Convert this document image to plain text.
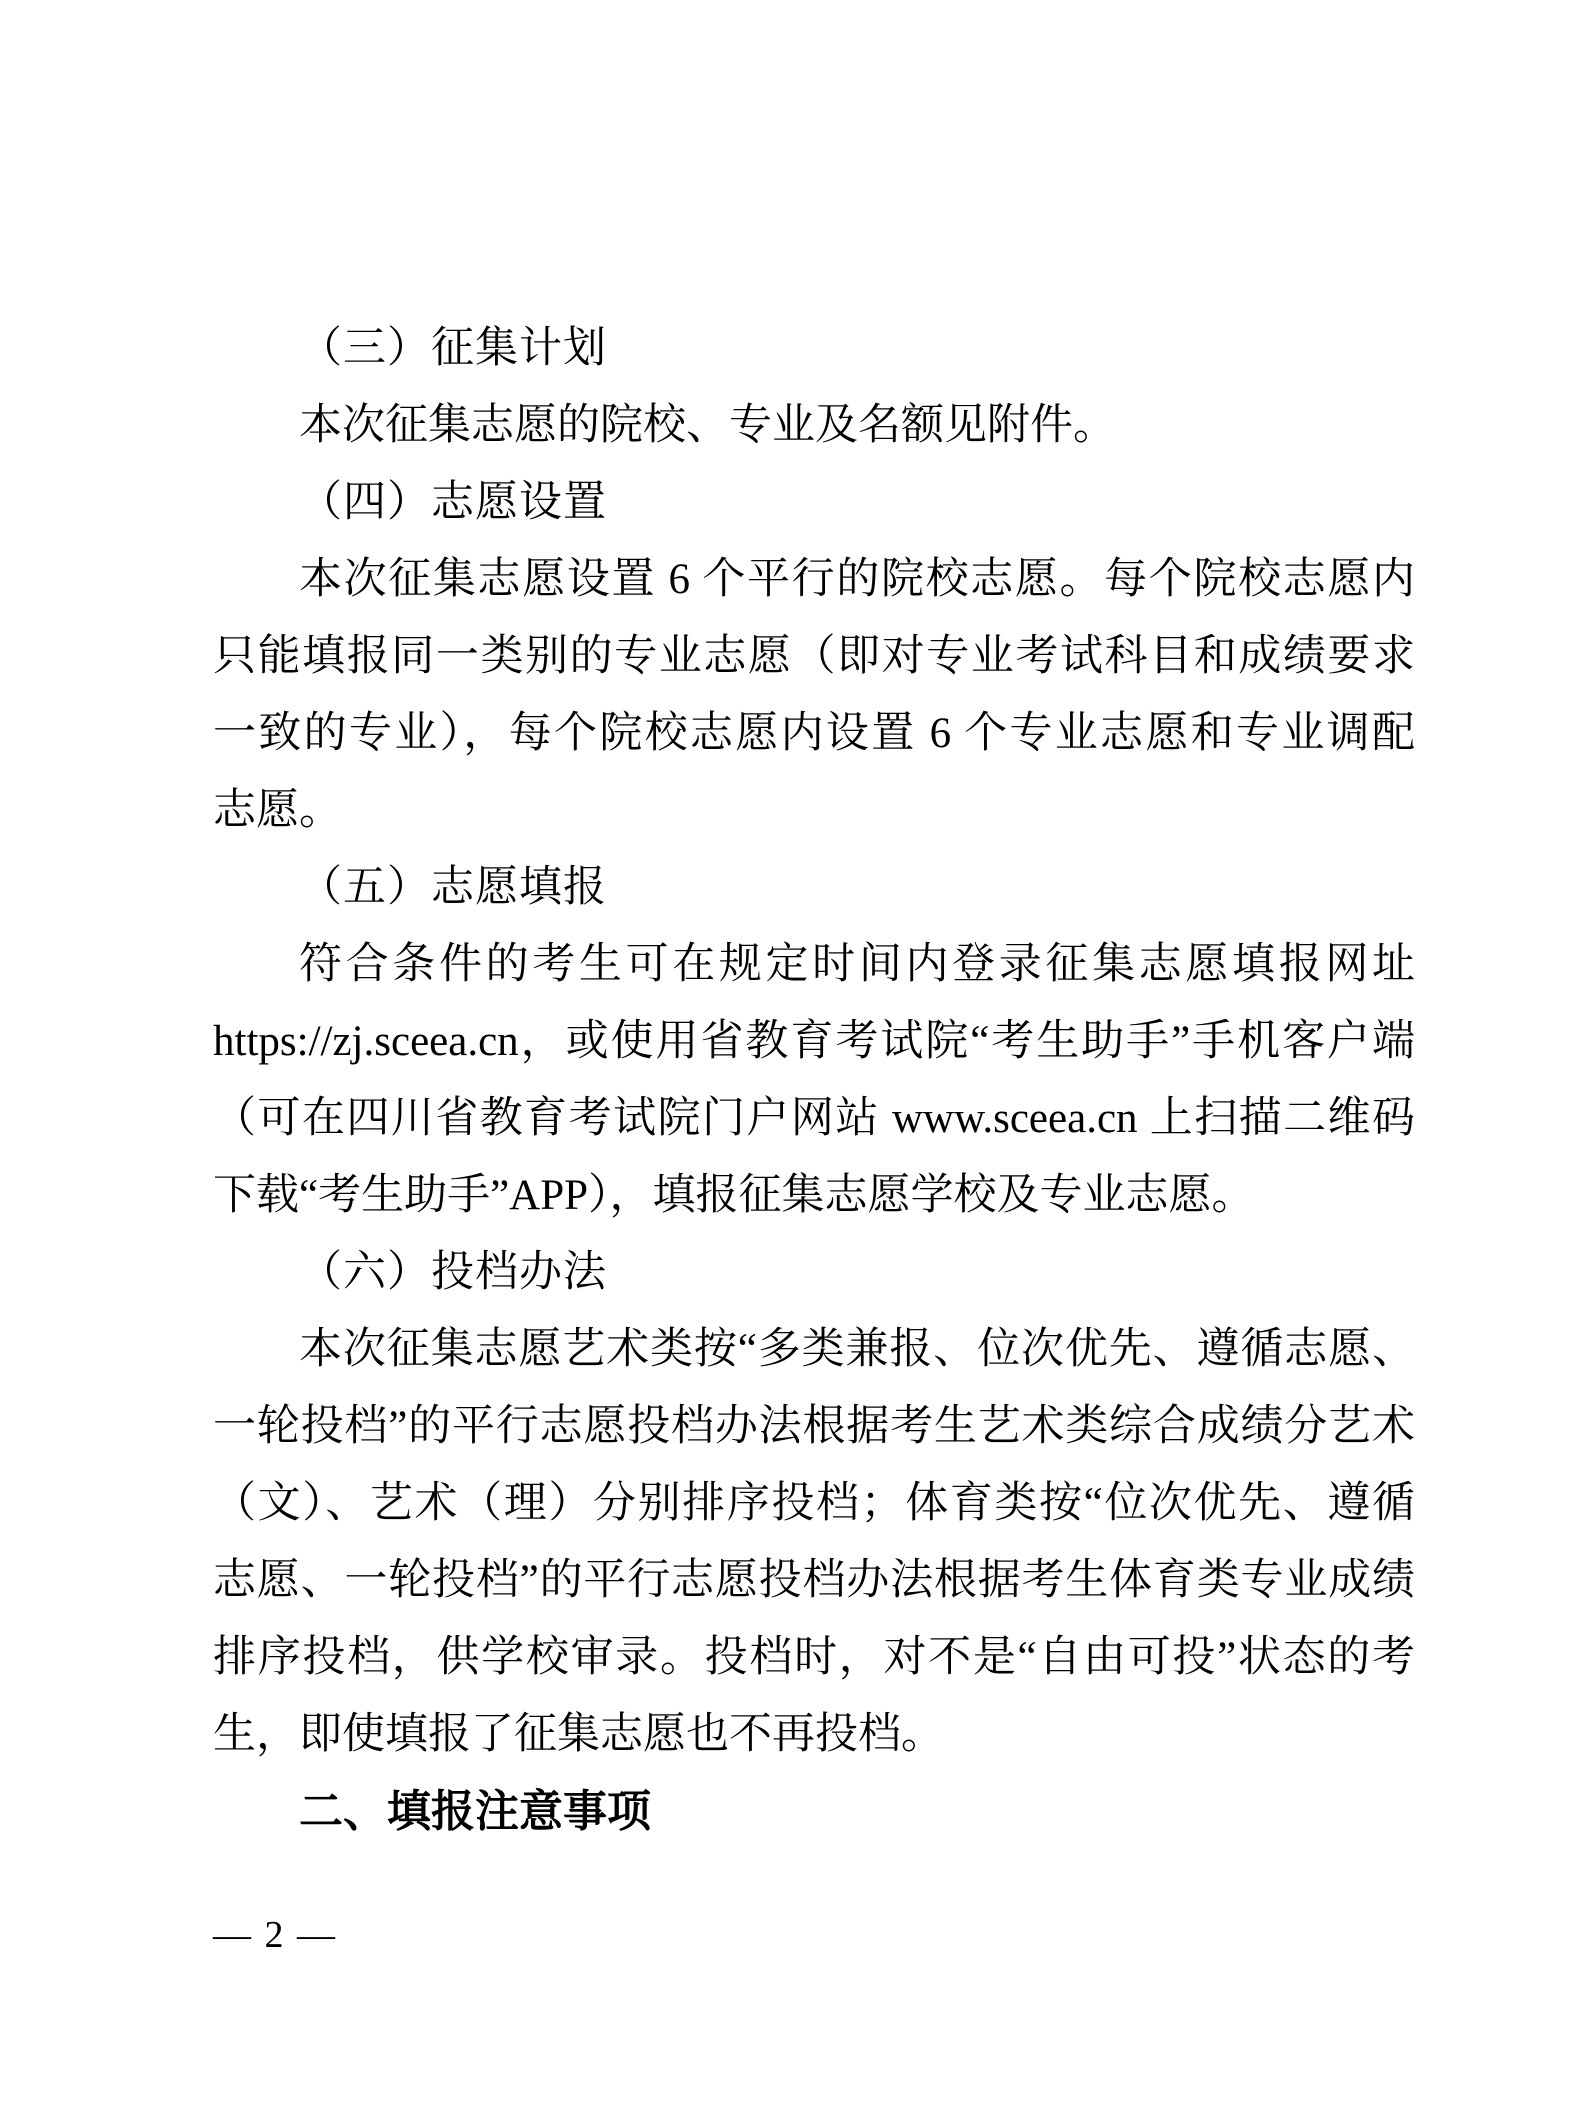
（三）征集计划
本次征集志愿的院校、专业及名额见附件。
（四）志愿设置
本次征集志愿设置 6 个平行的院校志愿。每个院校志愿内
只能填报同一类别的专业志愿（即对专业考试科目和成绩要求
一致的专业），每个院校志愿内设置 6 个专业志愿和专业调配
志愿。
（五）志愿填报
符合条件的考生可在规定时间内登录征集志愿填报网址
https://zj.sceea.cn，或使用省教育考试院“考生助手”手机客户端
（可在四川省教育考试院门户网站 www.sceea.cn 上扫描二维码
下载“考生助手”APP），填报征集志愿学校及专业志愿。
（六）投档办法
本次征集志愿艺术类按“多类兼报、位次优先、遵循志愿、
一轮投档”的平行志愿投档办法根据考生艺术类综合成绩分艺术
（文）、艺术（理）分别排序投档；体育类按“位次优先、遵循
志愿、一轮投档”的平行志愿投档办法根据考生体育类专业成绩
排序投档，供学校审录。投档时，对不是“自由可投”状态的考
生，即使填报了征集志愿也不再投档。
二、填报注意事项
— 2 —
